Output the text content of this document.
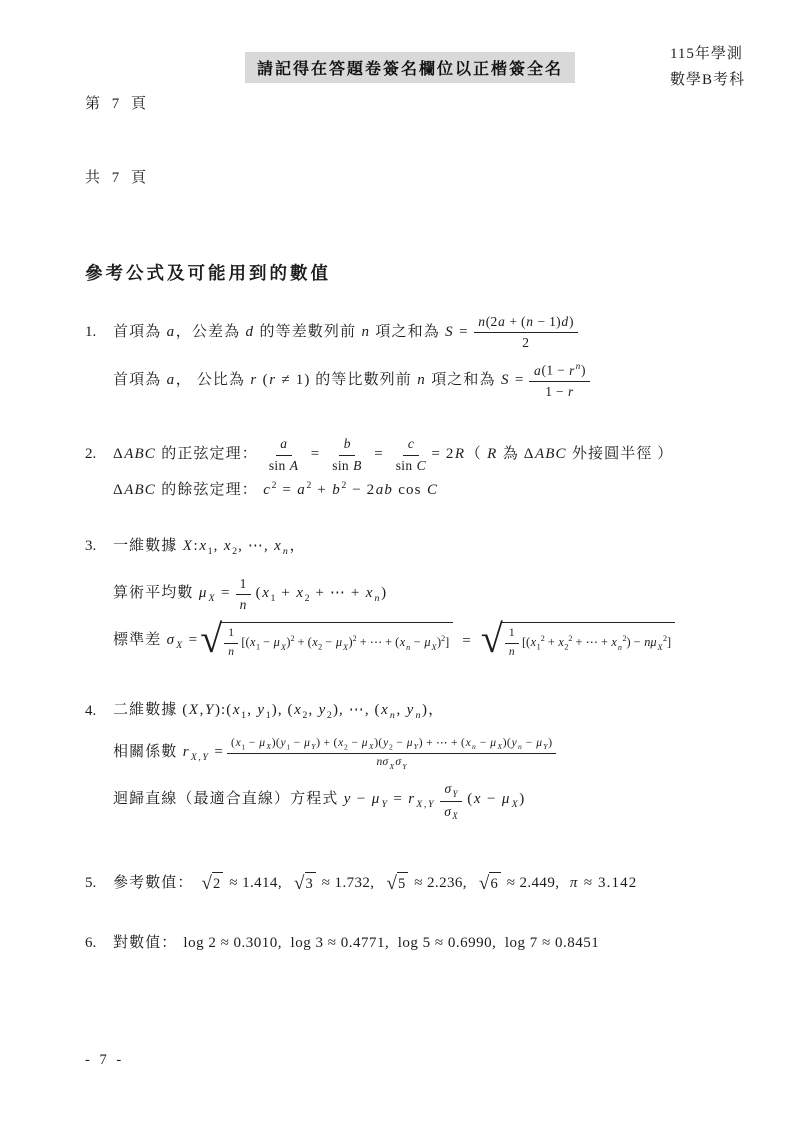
第 7 頁

共 7 頁

請記得在答題卷簽名欄位以正楷簽全名
115年學測
數學B考科
參考公式及可能用到的數值
1.	首項為 a，公差為 d 的等差數列前 n 項之和為 $S = \frac{n(2a + (n - 1)d)}{2}$
首項為 a， 公比為 r (r ≠ 1) 的等比數列前 n 項之和為 $S = \frac{a(1 - r^n)}{1 - r}$
2.	ΔABC 的正弦定理： $\frac{a}{\text{sin A}} = \frac{b}{\text{sin B}} = \frac{c}{\text{sin C}} = 2R$（ R 為 ΔABC 外接圓半徑 ）
ΔABC 的餘弦定理： $c^2 = a^2 + b^2 - 2ab$ cos C
3.	一維數據 $X:x_1$, $x_2$, ⋯, $x_n$，
算術平均數 $\mu_X = \frac{1}{n} (x_1 + x_2$ + ⋯ + $x_n$)
標準差 $\sigma_X$ = √ $\frac{1}{n} [(x_1 - \mu_X)^2 + (x_2 - \mu_X)^2$ + ⋯ + $(x_n - \mu_X)^2$] = √ $\frac{1}{n} [(x_1^2 + x_2^2$ + ⋯ + $x_n^2) - n\mu_X^2$]
4.	二維數據 $(X,Y):(x_1$, $y_1$), ($x_2$, $y_2$), ⋯, ($x_n$, $y_n$)，
相關係數 $r_{X,Y}$ =
$(x_1 - \mu_X)(y_1 - \mu_Y) + (x_2 - \mu_X)(y_2 - \mu_Y)$ + ⋯ + $(x_n - \mu_X)(y_n - \mu_Y)$
$n\sigma_X\sigma_Y$
迴歸直線（最適合直線）方程式 $y - \mu_Y = r_{X,Y} \frac{\sigma_Y}{\sigma_X} (x - \mu_X)$
5.	參考數值： √ 2 ≈ 1.414, √ 3 ≈ 1.732, √ 5 ≈ 2.236, √ 6 ≈ 2.449, π ≈ 3.142
6.	對數值： log 2 ≈ 0.3010,  log 3 ≈ 0.4771,  log 5 ≈ 0.6990,  log 7 ≈ 0.8451
- 7 -
